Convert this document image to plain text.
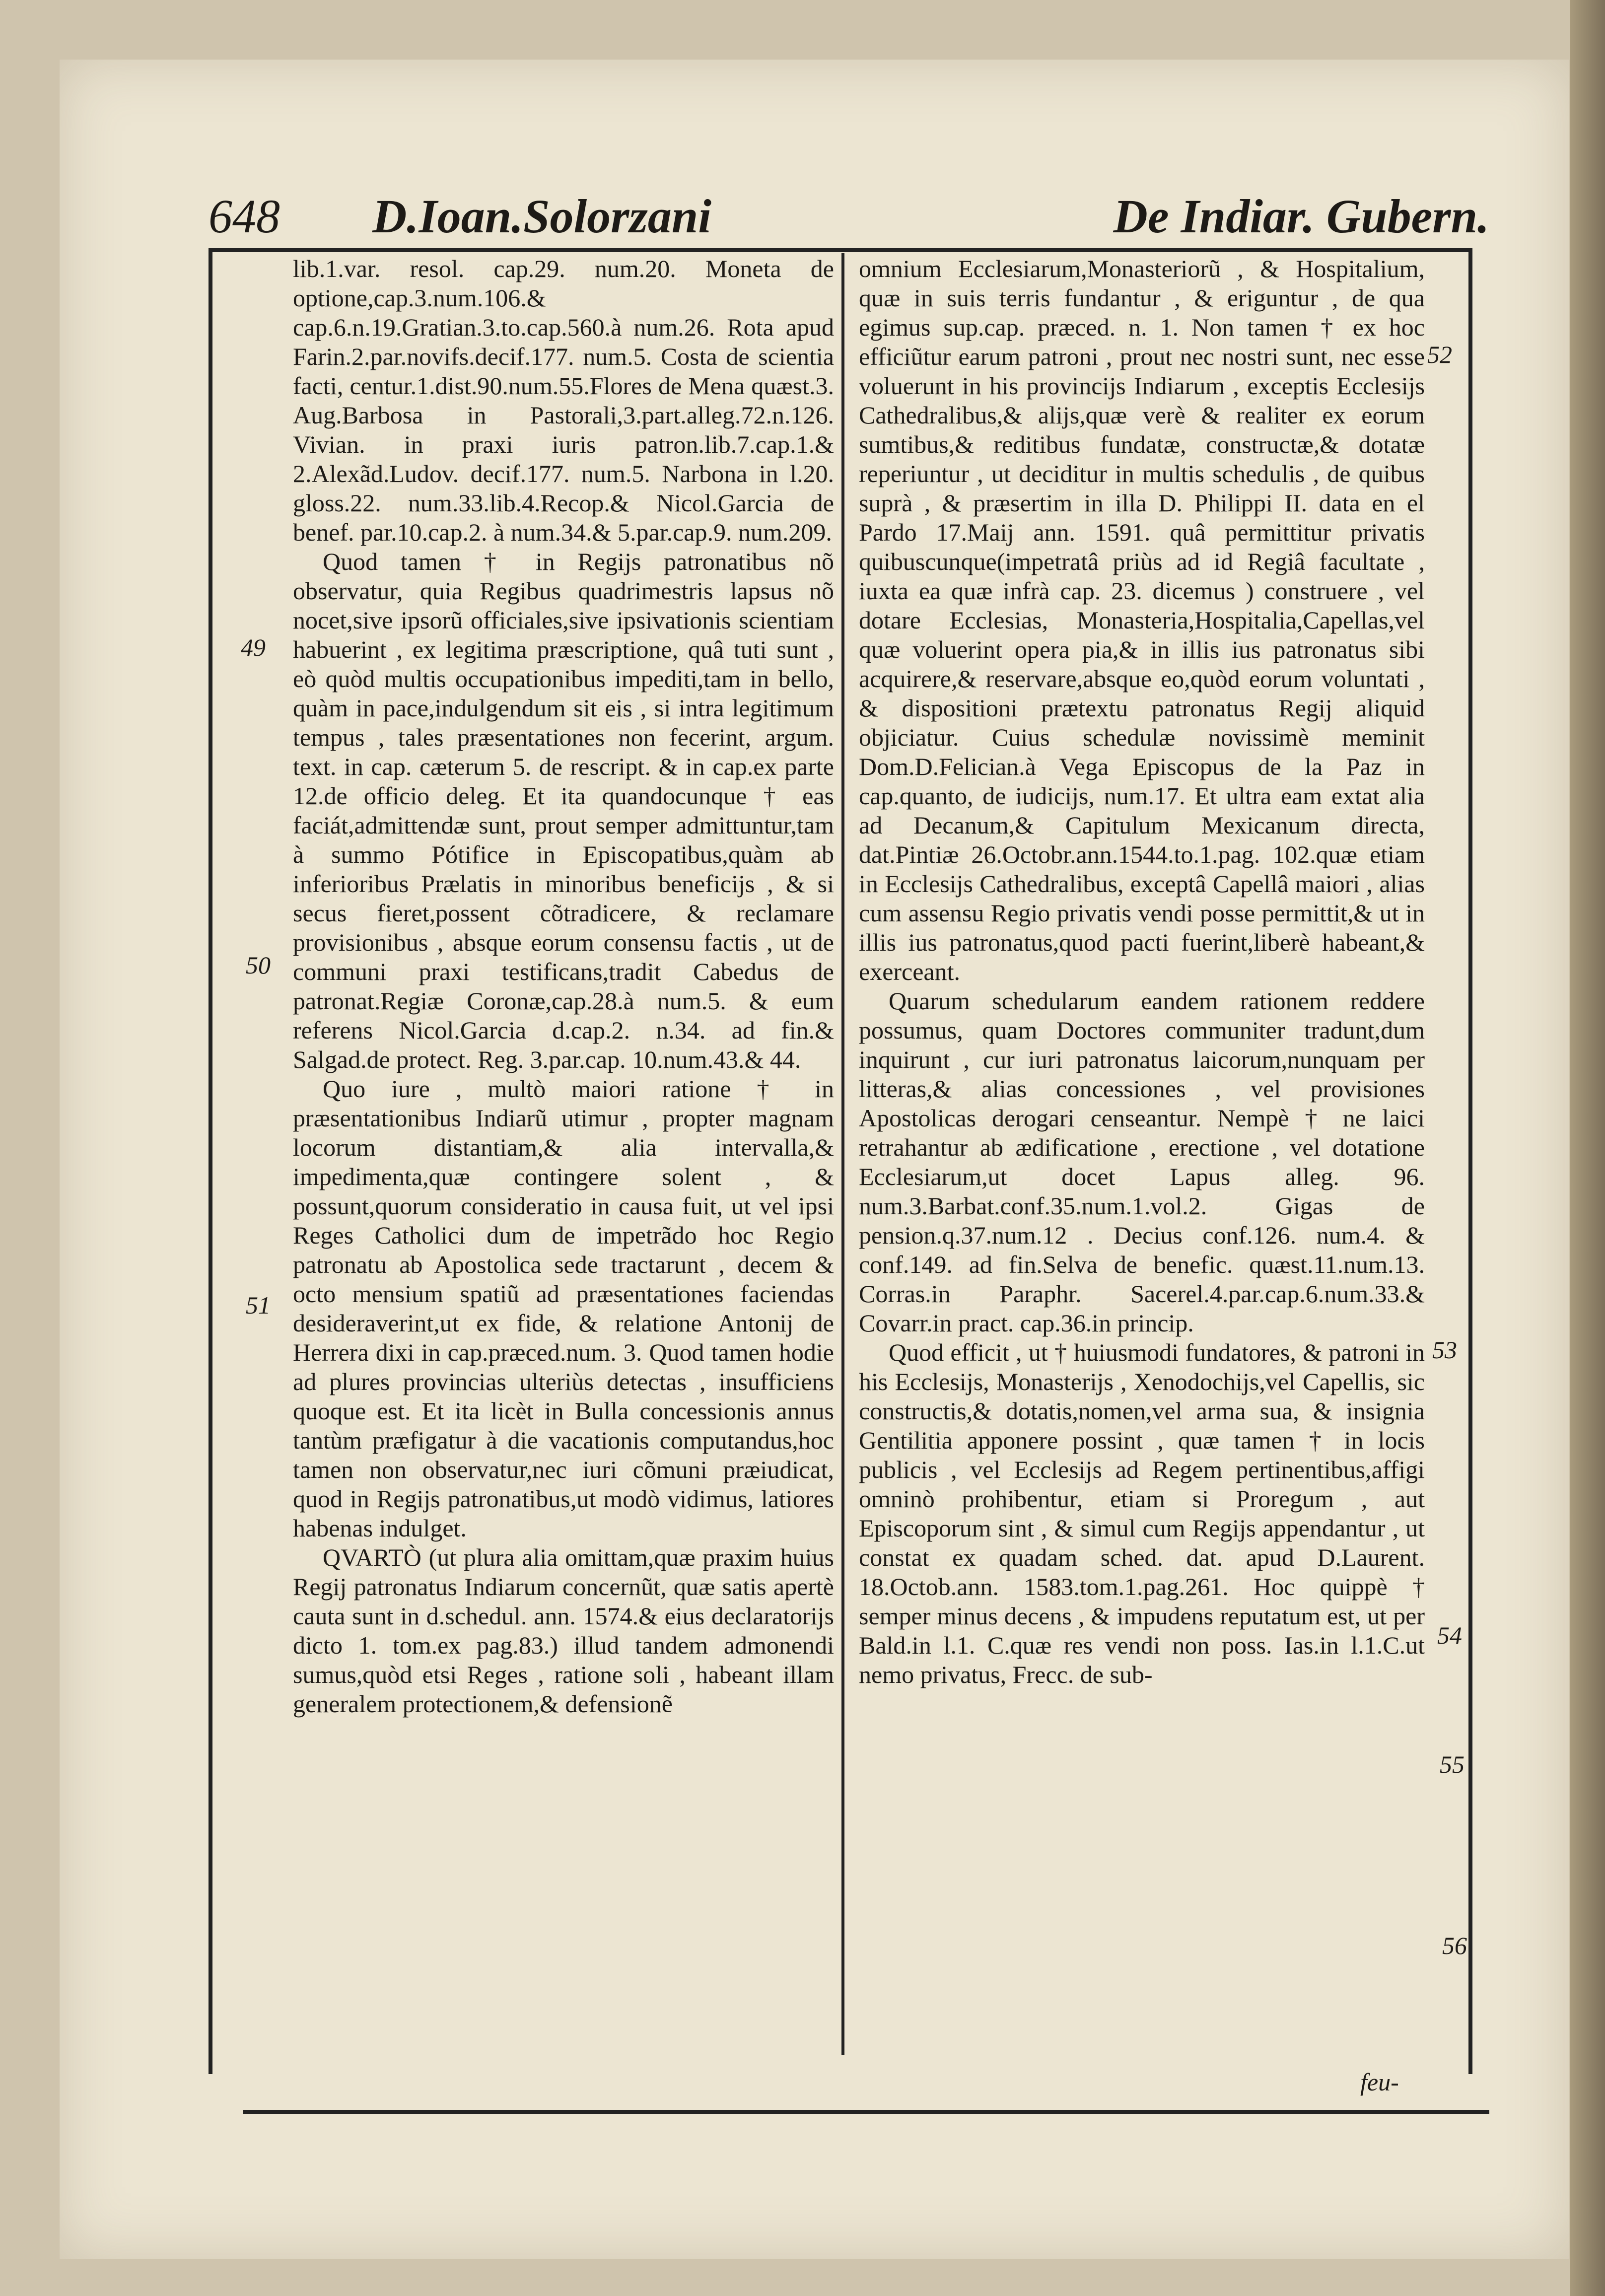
648 D.Ioan.Solorzani	De Indiar. Gubern.

lib.1.var. resol. cap.29. num.20. Moneta de optione,cap.3.num.106.& cap.6.n.19.Gratian.3.to.cap.560.à num.26. Rota apud Farin.2.par.novifs.decif.177. num.5. Costa de scientia facti, centur.1.dist.90.num.55.Flores de Mena quæst.3. Aug.Barbosa in Pastorali,3.part.alleg.72.n.126. Vivian. in praxi iuris patron.lib.7.cap.1.& 2.Alexãd.Ludov. decif.177. num.5. Narbona in l.20. gloss.22. num.33.lib.4.Recop.& Nicol.Garcia de benef. par.10.cap.2. à num.34.& 5.par.cap.9. num.209.

Quod tamen † in Regijs patronatibus nõ observatur, quia Regibus quadrimestris lapsus nõ nocet,sive ipsorũ officiales,sive ipsivationis scientiam habuerint , ex legitima præscriptione, quâ tuti sunt , eò quòd multis occupationibus impediti,tam in bello, quàm in pace,indulgendum sit eis , si intra legitimum tempus , tales præsentationes non fecerint, argum. text. in cap. cæterum 5. de rescript. & in cap.ex parte 12.de officio deleg. Et ita quandocunque † eas faciát,admittendæ sunt, prout semper admittuntur,tam à summo Pótifice in Episcopatibus,quàm ab inferioribus Prælatis in minoribus beneficijs , & si secus fieret,possent cõtradicere, & reclamare provisionibus , absque eorum consensu factis , ut de communi praxi testificans,tradit Cabedus de patronat.Regiæ Coronæ,cap.28.à num.5. & eum referens Nicol.Garcia d.cap.2. n.34. ad fin.& Salgad.de protect. Reg. 3.par.cap. 10.num.43.& 44.

Quo iure , multò maiori ratione † in præsentationibus Indiarũ utimur , propter magnam locorum distantiam,& alia intervalla,& impedimenta,quæ contingere solent , & possunt,quorum consideratio in causa fuit, ut vel ipsi Reges Catholici dum de impetrãdo hoc Regio patronatu ab Apostolica sede tractarunt , decem & octo mensium spatiũ ad præsentationes faciendas desideraverint,ut ex fide, & relatione Antonij de Herrera dixi in cap.præced.num. 3. Quod tamen hodie ad plures provincias ulteriùs detectas , insufficiens quoque est. Et ita licèt in Bulla concessionis annus tantùm præfigatur à die vacationis computandus,hoc tamen non observatur,nec iuri cõmuni præiudicat, quod in Regijs patronatibus,ut modò vidimus, latiores habenas indulget.

QVARTÒ (ut plura alia omittam,quæ praxim huius Regij patronatus Indiarum concernũt, quæ satis apertè cauta sunt in d.schedul. ann. 1574.& eius declaratorijs dicto 1. tom.ex pag.83.) illud tandem admonendi sumus,quòd etsi Reges , ratione soli , habeant illam generalem protectionem,& defensionẽ

omnium Ecclesiarum,Monasteriorũ , & Hospitalium, quæ in suis terris fundantur , & eriguntur , de qua egimus sup.cap. præced. n. 1. Non tamen † ex hoc efficiũtur earum patroni , prout nec nostri sunt, nec esse voluerunt in his provincijs Indiarum , exceptis Ecclesijs Cathedralibus,& alijs,quæ verè & realiter ex eorum sumtibus,& reditibus fundatæ, constructæ,& dotatæ reperiuntur , ut deciditur in multis schedulis , de quibus suprà , & præsertim in illa D. Philippi II. data en el Pardo 17.Maij ann. 1591. quâ permittitur privatis quibuscunque(impetratâ priùs ad id Regiâ facultate , iuxta ea quæ infrà cap. 23. dicemus ) construere , vel dotare Ecclesias, Monasteria,Hospitalia,Capellas,vel quæ voluerint opera pia,& in illis ius patronatus sibi acquirere,& reservare,absque eo,quòd eorum voluntati , & dispositioni prætextu patronatus Regij aliquid objiciatur. Cuius schedulæ novissimè meminit Dom.D.Felician.à Vega Episcopus de la Paz in cap.quanto, de iudicijs, num.17. Et ultra eam extat alia ad Decanum,& Capitulum Mexicanum directa, dat.Pintiæ 26.Octobr.ann.1544.to.1.pag. 102.quæ etiam in Ecclesijs Cathedralibus, exceptâ Capellâ maiori , alias cum assensu Regio privatis vendi posse permittit,& ut in illis ius patronatus,quod pacti fuerint,liberè habeant,& exerceant.

Quarum schedularum eandem rationem reddere possumus, quam Doctores communiter tradunt,dum inquirunt , cur iuri patronatus laicorum,nunquam per litteras,& alias concessiones , vel provisiones Apostolicas derogari censeantur. Nempè † ne laici retrahantur ab ædificatione , erectione , vel dotatione Ecclesiarum,ut docet Lapus alleg. 96. num.3.Barbat.conf.35.num.1.vol.2. Gigas de pension.q.37.num.12 . Decius conf.126. num.4. & conf.149. ad fin.Selva de benefic. quæst.11.num.13. Corras.in Paraphr. Sacerel.4.par.cap.6.num.33.& Covarr.in pract. cap.36.in princip.

Quod efficit , ut † huiusmodi fundatores, & patroni in his Ecclesijs, Monasterijs , Xenodochijs,vel Capellis, sic constructis,& dotatis,nomen,vel arma sua, & insignia Gentilitia apponere possint , quæ tamen † in locis publicis , vel Ecclesijs ad Regem pertinentibus,affigi omninò prohibentur, etiam si Proregum , aut Episcoporum sint , & simul cum Regijs appendantur , ut constat ex quadam sched. dat. apud D.Laurent. 18.Octob.ann. 1583.tom.1.pag.261. Hoc quippè † semper minus decens , & impudens reputatum est, ut per Bald.in l.1. C.quæ res vendi non poss. Ias.in l.1.C.ut nemo privatus, Frecc. de sub-

49
50
51
52
53
54
55
56
feu-
